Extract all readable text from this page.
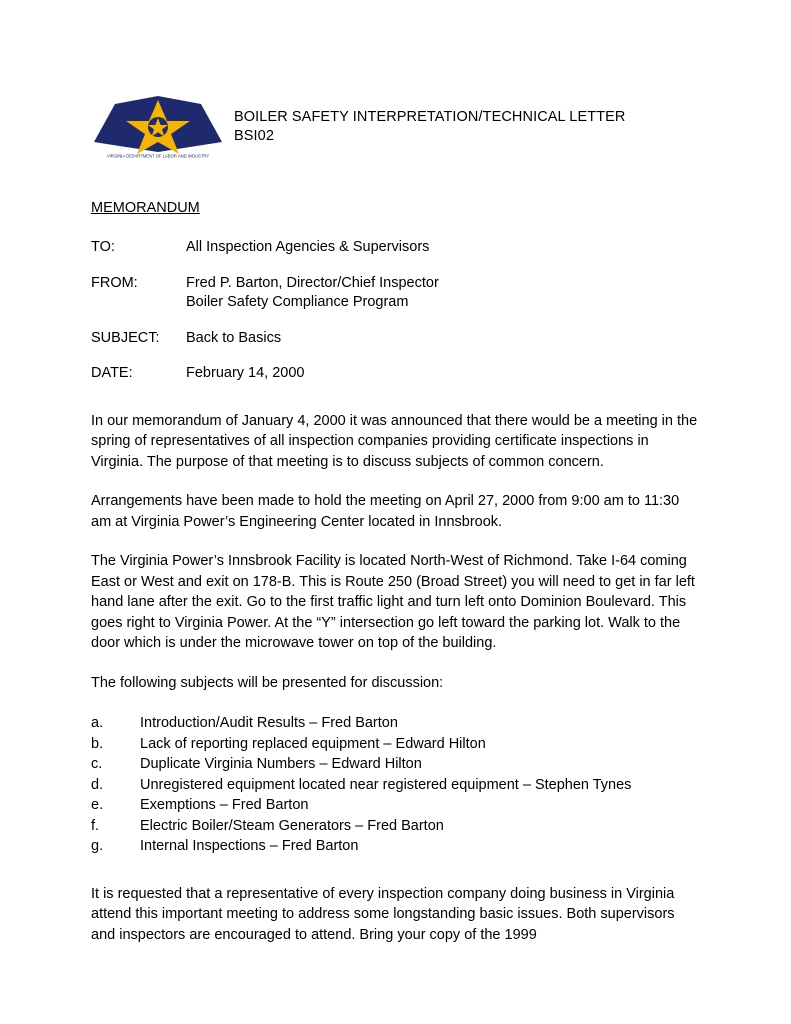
VIRGINIA DEPARTMENT OF LABOR AND INDUSTRY
BOILER SAFETY INTERPRETATION/TECHNICAL LETTER
BSI02
MEMORANDUM
TO:	All Inspection Agencies & Supervisors
FROM:	Fred P. Barton, Director/Chief Inspector
Boiler Safety Compliance Program
SUBJECT:	Back to Basics
DATE:	February 14, 2000
In our memorandum of January 4, 2000 it was announced that there would be a meeting in the spring of representatives of all inspection companies providing certificate inspections in Virginia. The purpose of that meeting is to discuss subjects of common concern.
Arrangements have been made to hold the meeting on April 27, 2000 from 9:00 am to 11:30 am at Virginia Power’s Engineering Center located in Innsbrook.
The Virginia Power’s Innsbrook Facility is located North-West of Richmond. Take I-64 coming East or West and exit on 178-B. This is Route 250 (Broad Street) you will need to get in far left hand lane after the exit. Go to the first traffic light and turn left onto Dominion Boulevard. This goes right to Virginia Power. At the “Y” intersection go left toward the parking lot. Walk to the door which is under the microwave tower on top of the building.
The following subjects will be presented for discussion:
a.	Introduction/Audit Results – Fred Barton
b.	Lack of reporting replaced equipment – Edward Hilton
c.	Duplicate Virginia Numbers – Edward Hilton
d.	Unregistered equipment located near registered equipment – Stephen Tynes
e.	Exemptions – Fred Barton
f.	Electric Boiler/Steam Generators – Fred Barton
g.	Internal Inspections – Fred Barton
It is requested that a representative of every inspection company doing business in Virginia attend this important meeting to address some longstanding basic issues. Both supervisors and inspectors are encouraged to attend. Bring your copy of the 1999
